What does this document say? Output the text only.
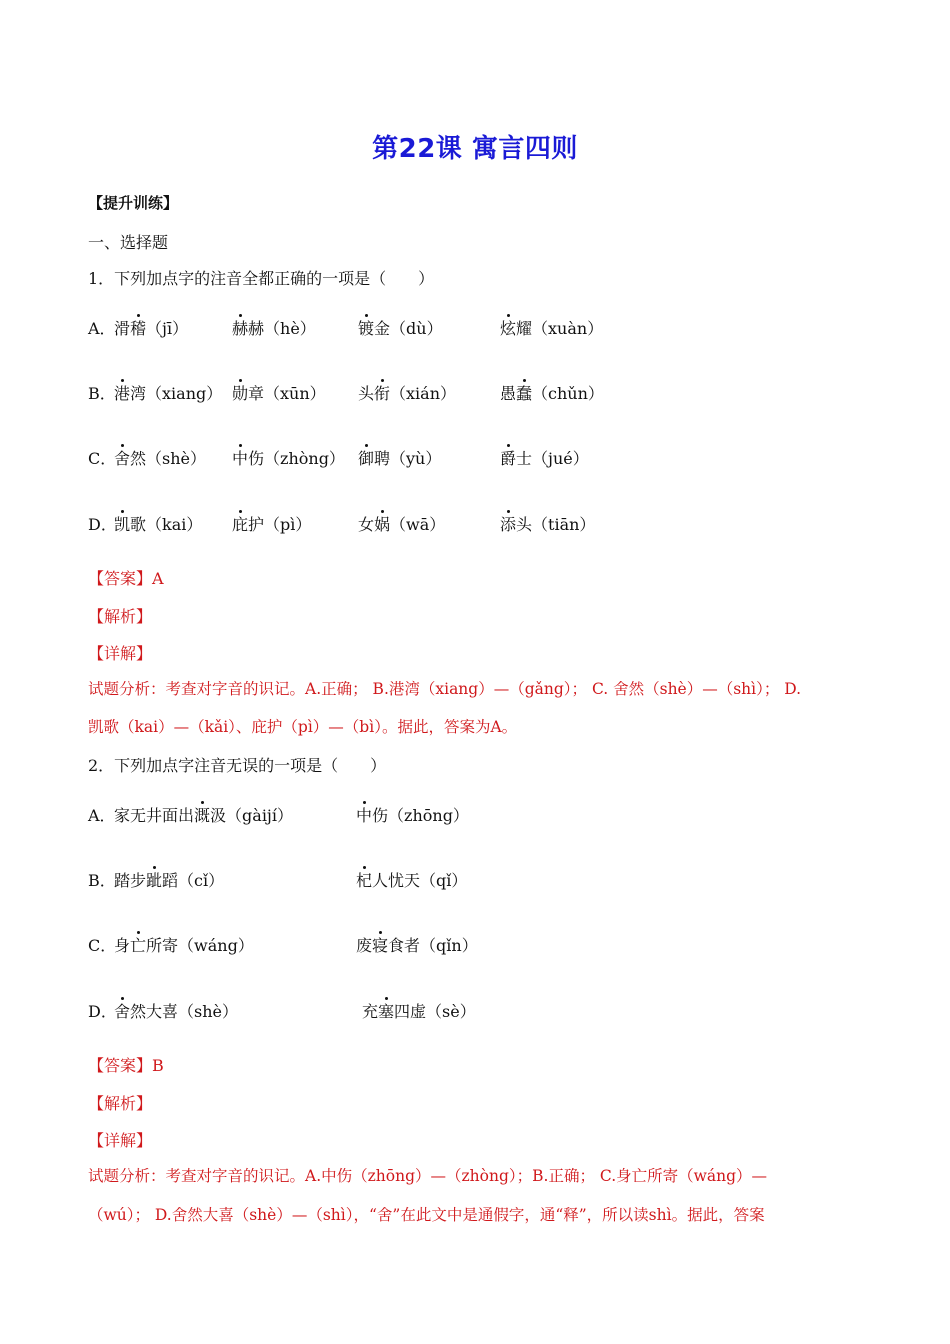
第22课 寓言四则
【提升训练】
一、选择题
1．下列加点字的注音全都正确的一项是（　　）
A．
滑稽（jī）	赫赫（hè）	镀金（dù）	炫耀（xuàn）
B．
港湾（xiang） 勋章（xūn） 头衔（xián）	愚蠢（chǔn）
C．
舍然（shè） 中伤（zhòng） 御聘（yù）	爵士（jué）
D．
凯歌（kai） 庇护（pì）	女娲（wā）	添头（tiān）
【答案】A
【解析】
【详解】
试题分析：考查对字音的识记。A.正确； B.港湾（xiang）—（gǎng）； C. 舍然（shè）—（shì）； D.
凯歌（kai）—（kǎi）、庇护（pì）—（bì）。据此，答案为A。
2．下列加点字注音无误的一项是（　　）
A．
家无井面出溉汲（gàijí）	中伤（zhōng）
B．
踏步跐蹈（cǐ）	杞人忧天（qǐ）
C．
身亡所寄（wáng）	废寝食者（qǐn）
D．
舍然大喜（shè）	充塞四虚（sè）
【答案】B
【解析】
【详解】
试题分析：考查对字音的识记。A.中伤（zhōng）—（zhòng）；B.正确； C.身亡所寄（wáng）—
（wú）； D.舍然大喜（shè）—（shì），“舍”在此文中是通假字，通“释”，所以读shì。据此，答案
